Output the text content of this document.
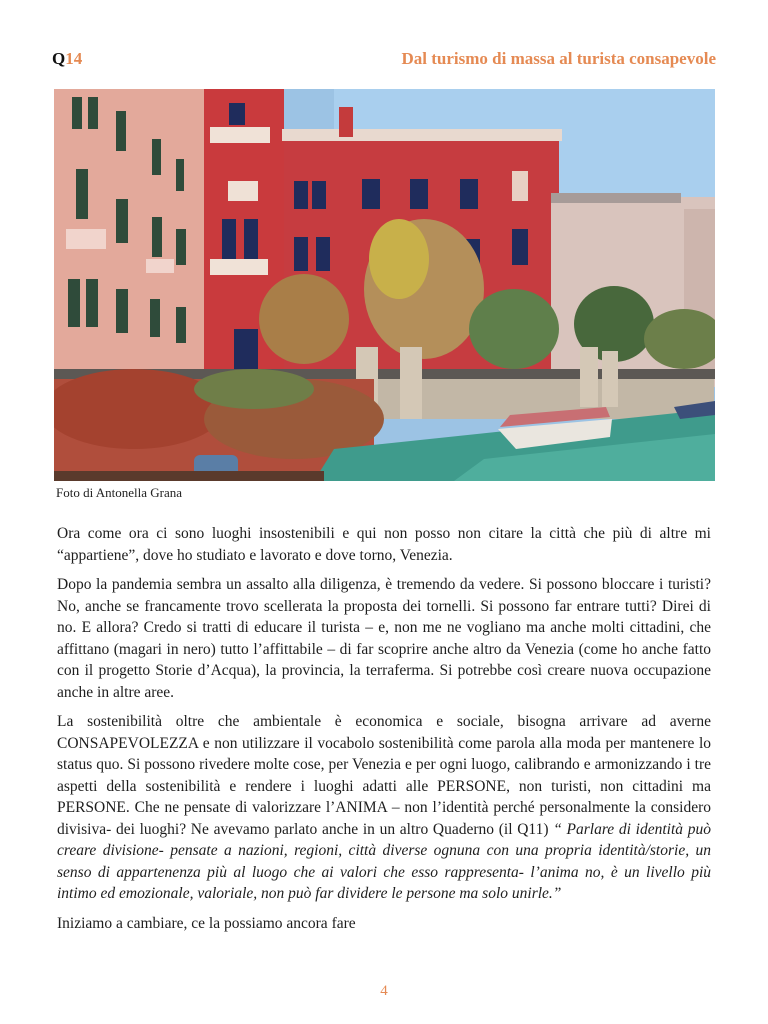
Q14	Dal turismo di massa al turista consapevole
Foto di Antonella Grana

Ora come ora ci sono luoghi insostenibili e qui non posso non citare la città che più di altre mi “appartiene”, dove ho studiato e lavorato e dove torno, Venezia.

Dopo la pandemia sembra un assalto alla diligenza, è tremendo da vedere. Si possono bloccare i turisti? No, anche se francamente trovo scellerata la proposta dei tornelli. Si possono far entrare tutti? Direi di no. E allora? Credo si tratti di educare il turista – e, non me ne vogliano ma anche molti cittadini, che affittano (magari in nero) tutto l’affittabile – di far scoprire anche altro da Venezia (come ho anche fatto con il progetto Storie d’Acqua), la provincia, la terraferma. Si potrebbe così creare nuova occupazione anche in altre aree.

La sostenibilità oltre che ambientale è economica e sociale, bisogna arrivare ad averne CONSAPEVOLEZZA e non utilizzare il vocabolo sostenibilità come parola alla moda per mantenere lo status quo. Si possono rivedere molte cose, per Venezia e per ogni luogo, calibrando e armonizzando i tre aspetti della sostenibilità e rendere i luoghi adatti alle PERSONE, non turisti, non cittadini ma PERSONE. Che ne pensate di valorizzare l’ANIMA – non l’identità perché personalmente la considero divisiva- dei luoghi? Ne avevamo parlato anche in un altro Quaderno (il Q11) “ Parlare di identità può creare divisione- pensate a nazioni, regioni, città diverse ognuna con una propria identità/storie, un senso di appartenenza più al luogo che ai valori che esso rappresenta- l’anima no, è un livello più intimo ed emozionale, valoriale, non può far dividere le persone ma solo unirle.”

Iniziamo a cambiare, ce la possiamo ancora fare

4
